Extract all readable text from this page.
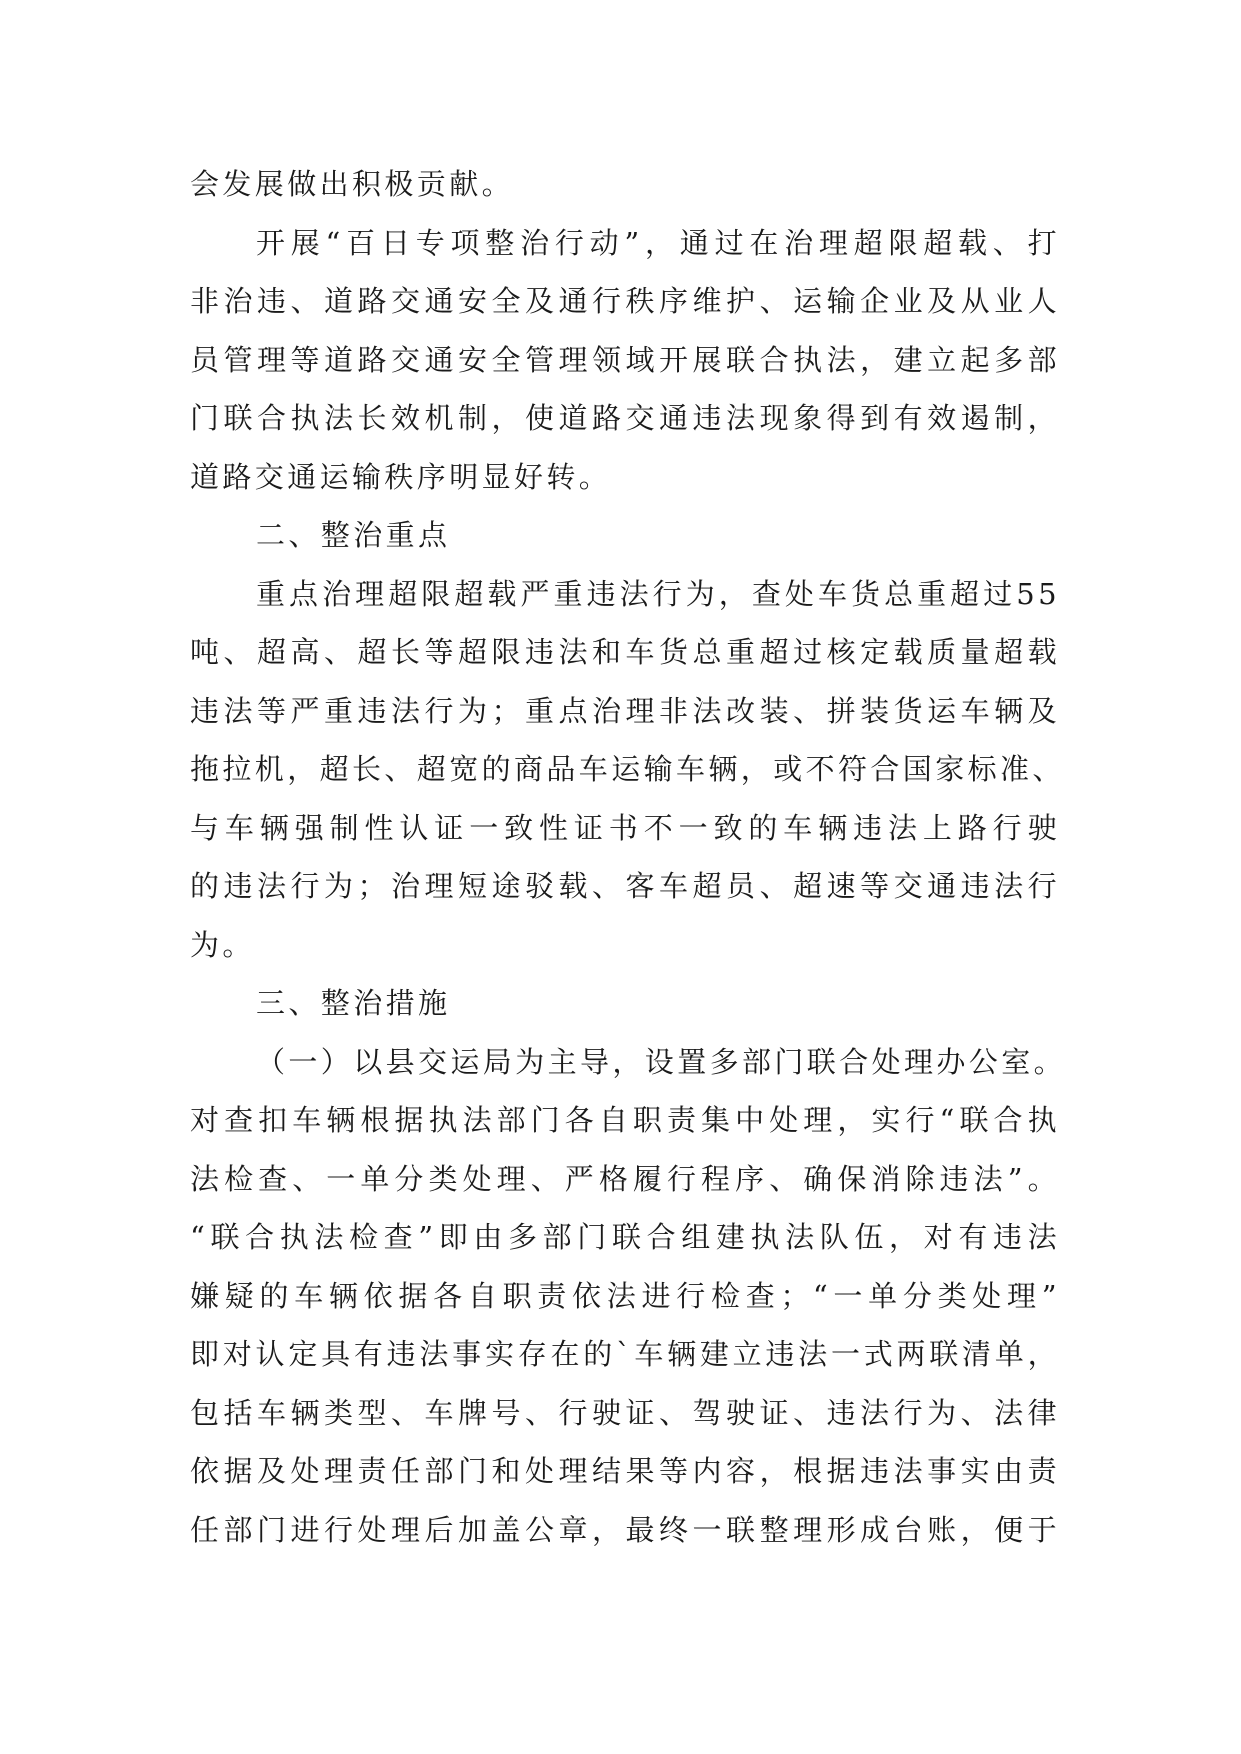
会发展做出积极贡献。
开展“百日专项整治行动”，通过在治理超限超载、打
非治违、道路交通安全及通行秩序维护、运输企业及从业人
员管理等道路交通安全管理领域开展联合执法，建立起多部
门联合执法长效机制，使道路交通违法现象得到有效遏制，
道路交通运输秩序明显好转。
二、整治重点
重点治理超限超载严重违法行为，查处车货总重超过55
吨、超高、超长等超限违法和车货总重超过核定载质量超载
违法等严重违法行为；重点治理非法改装、拼装货运车辆及
拖拉机，超长、超宽的商品车运输车辆，或不符合国家标准、
与车辆强制性认证一致性证书不一致的车辆违法上路行驶
的违法行为；治理短途驳载、客车超员、超速等交通违法行
为。
三、整治措施
（一）以县交运局为主导，设置多部门联合处理办公室。
对查扣车辆根据执法部门各自职责集中处理，实行“联合执
法检查、一单分类处理、严格履行程序、确保消除违法”。
“联合执法检查”即由多部门联合组建执法队伍，对有违法
嫌疑的车辆依据各自职责依法进行检查；“一单分类处理”
即对认定具有违法事实存在的`车辆建立违法一式两联清单，
包括车辆类型、车牌号、行驶证、驾驶证、违法行为、法律
依据及处理责任部门和处理结果等内容，根据违法事实由责
任部门进行处理后加盖公章，最终一联整理形成台账，便于
